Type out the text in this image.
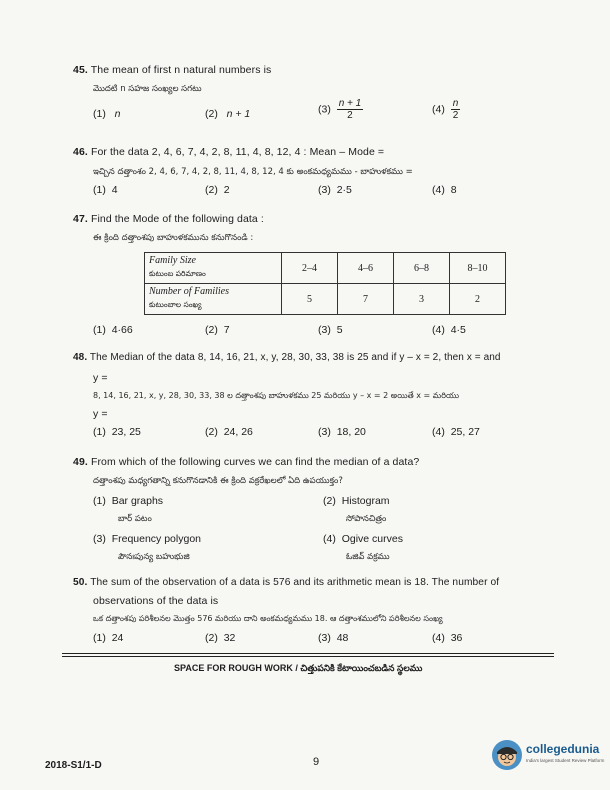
45. The mean of first n natural numbers is
మొదటి n సహజ సంఖ్యల సగటు
(1) n	(2) n + 1	$(3) \frac{n + 1}{2}$	$(4) \frac{n}{2}$
46. For the data 2, 4, 6, 7, 4, 2, 8, 11, 4, 8, 12, 4 : Mean – Mode =
ఇచ్చిన దత్తాంశం 2, 4, 6, 7, 4, 2, 8, 11, 4, 8, 12, 4 కు అంకమధ్యమము - బాహుళకము =
(1) 4	(2) 2	(3) 2·5	(4) 8
47. Find the Mode of the following data :
ఈ క్రింది దత్తాంశపు బాహుళకమును కనుగొనండి :
Family Size
కుటుంబ పరిమాణం	2–4	4–6	6–8	8–10
Number of Families
కుటుంబాల సంఖ్య	5	7	3	2
(1) 4·66	(2) 7	(3) 5	(4) 4·5
48. The Median of the data 8, 14, 16, 21, x, y, 28, 30, 33, 38 is 25 and if y – x = 2, then x = and
y =
8, 14, 16, 21, x, y, 28, 30, 33, 38 ల దత్తాంశపు బాహుళకము 25 మరియు y – x = 2 అయితే x = మరియు
y =
(1) 23, 25	(2) 24, 26	(3) 18, 20	(4) 25, 27
49. From which of the following curves we can find the median of a data?
దత్తాంశపు మధ్యగతాన్ని కనుగొనడానికి ఈ క్రింది వక్రరేఖలలో ఏది ఉపయుక్తం?
(1) Bar graphs
బార్ పటం
(2) Histogram
సోపానచిత్రం
(3) Frequency polygon
పౌనఃపున్య బహుభుజి
(4) Ogive curves
ఓజివ్ వక్రము
50. The sum of the observation of a data is 576 and its arithmetic mean is 18. The number of
observations of the data is
ఒక దత్తాంశపు పరిశీలనల మొత్తం 576 మరియు దాని అంకమధ్యమము 18. ఆ దత్తాంశములోని పరిశీలనల సంఖ్య
(1) 24	(2) 32	(3) 48	(4) 36
SPACE FOR ROUGH WORK / చిత్తుపనికి కేటాయించబడిన స్థలము
2018-S1/1-D	9
collegedunia
India's largest Student Review Platform
